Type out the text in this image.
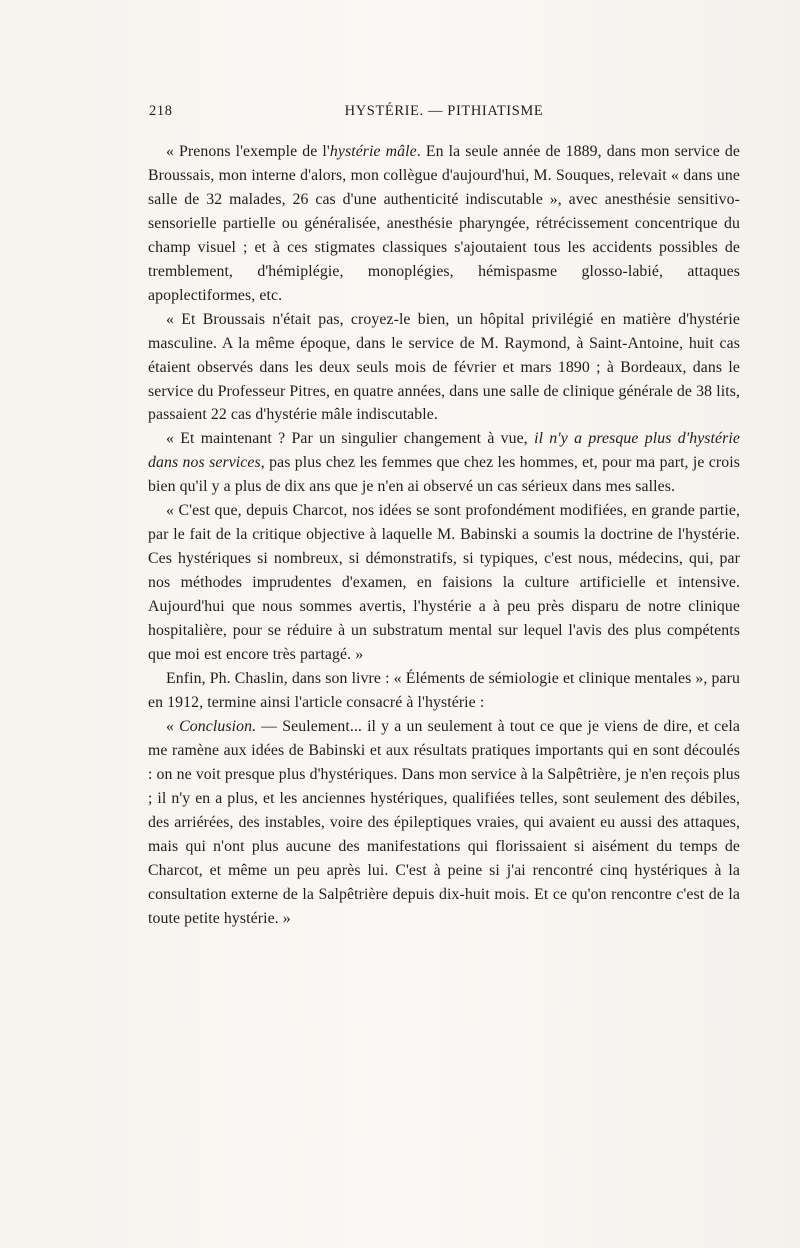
218	HYSTÉRIE. — PITHIATISME

« Prenons l'exemple de l'hystérie mâle. En la seule année de 1889, dans mon service de Broussais, mon interne d'alors, mon collègue d'aujourd'hui, M. Souques, relevait « dans une salle de 32 malades, 26 cas d'une authenticité indiscutable », avec anesthésie sensitivo-sensorielle partielle ou généralisée, anesthésie pharyngée, rétrécissement concentrique du champ visuel ; et à ces stigmates classiques s'ajoutaient tous les accidents possibles de tremblement, d'hémiplégie, monoplégies, hémispasme glosso-labié, attaques apoplectiformes, etc.

« Et Broussais n'était pas, croyez-le bien, un hôpital privilégié en matière d'hystérie masculine. A la même époque, dans le service de M. Raymond, à Saint-Antoine, huit cas étaient observés dans les deux seuls mois de février et mars 1890 ; à Bordeaux, dans le service du Professeur Pitres, en quatre années, dans une salle de clinique générale de 38 lits, passaient 22 cas d'hystérie mâle indiscutable.

« Et maintenant ? Par un singulier changement à vue, il n'y a presque plus d'hystérie dans nos services, pas plus chez les femmes que chez les hommes, et, pour ma part, je crois bien qu'il y a plus de dix ans que je n'en ai observé un cas sérieux dans mes salles.

« C'est que, depuis Charcot, nos idées se sont profondément modifiées, en grande partie, par le fait de la critique objective à laquelle M. Babinski a soumis la doctrine de l'hystérie. Ces hystériques si nombreux, si démonstratifs, si typiques, c'est nous, médecins, qui, par nos méthodes imprudentes d'examen, en faisions la culture artificielle et intensive. Aujourd'hui que nous sommes avertis, l'hystérie a à peu près disparu de notre clinique hospitalière, pour se réduire à un substratum mental sur lequel l'avis des plus compétents que moi est encore très partagé. »

Enfin, Ph. Chaslin, dans son livre : « Éléments de sémiologie et clinique mentales », paru en 1912, termine ainsi l'article consacré à l'hystérie :

« Conclusion. — Seulement... il y a un seulement à tout ce que je viens de dire, et cela me ramène aux idées de Babinski et aux résultats pratiques importants qui en sont découlés : on ne voit presque plus d'hystériques. Dans mon service à la Salpêtrière, je n'en reçois plus ; il n'y en a plus, et les anciennes hystériques, qualifiées telles, sont seulement des débiles, des arriérées, des instables, voire des épileptiques vraies, qui avaient eu aussi des attaques, mais qui n'ont plus aucune des manifestations qui florissaient si aisément du temps de Charcot, et même un peu après lui. C'est à peine si j'ai rencontré cinq hystériques à la consultation externe de la Salpêtrière depuis dix-huit mois. Et ce qu'on rencontre c'est de la toute petite hystérie. »
